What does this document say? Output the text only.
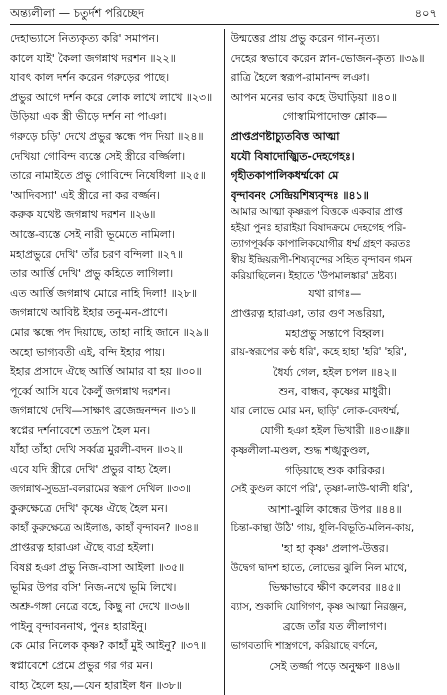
অন্ত্যলীলা — চতুর্দশ পরিচ্ছেদ	৪০৭
দেহাভ্যাসে নিত্যকৃত্য করি' সমাপন।
কালে যাই' কৈলা জগন্নাথ দরশন ॥২২॥
যাবৎ কাল দর্শন করেন গরুড়ের পাছে।
প্রভুর আগে দর্শন করে লোক লাখে লাখে ॥২৩॥
উড়িয়া এক স্ত্রী ভীড়ে দর্শন না পাঞা।
গরুড়ে চড়ি' দেখে প্রভুর স্কন্ধে পদ দিয়া ॥২৪॥
দেখিয়া গোবিন্দ ব্যস্তে সেই স্ত্রীরে বর্জ্জিলা।
তারে নামাইতে প্রভু গোবিন্দে নিষেধিলা ॥২৫॥
'আদিবস্যা' এই স্ত্রীরে না কর বর্জ্জন।
করুক যথেষ্ট জগন্নাথ দরশন ॥২৬॥
আস্তে-ব্যস্তে সেই নারী ভূমেতে নামিলা।
মহাপ্রভুরে দেখি' তাঁর চরণ বন্দিলা ॥২৭॥
তার আর্ত্তি দেখি' প্রভু কহিতে লাগিলা।
এত আর্ত্তি জগন্নাথ মোরে নাহি দিলা! ॥২৮॥
জগন্নাথে আবিষ্ট ইহার তনু-মন-প্রাণে।
মোর স্কন্ধে পদ দিয়াছে, তাহা নাহি জানে ॥২৯॥
অহো ভাগ্যবতী এই, বন্দি ইহার পায়।
ইহার প্রসাদে ঐছে আর্ত্তি আমার বা হয় ॥৩০॥
পূর্ব্বে আসি যবে কৈলুঁ জগন্নাথ দরশন।
জগন্নাথে দেখি—সাক্ষাৎ ব্রজেন্দ্রনন্দন ॥৩১॥
স্বপ্নের দর্শনাবেশে তদ্রূপ হৈল মন।
যাঁহা তাঁহা দেখি সর্ব্বত্র মুরলী-বদন ॥৩২॥
এবে যদি স্ত্রীরে দেখি' প্রভুর বাহ্য হৈল।
জগন্নাথ-সুভদ্রা-বলরামের স্বরূপ দেখিল ॥৩৩॥
কুরুক্ষেত্রে দেখি' কৃষ্ণে ঐছে হৈল মন।
কাহাঁ কুরুক্ষেত্রে আইলাঙ, কাহাঁ বৃন্দাবন? ॥৩৪॥
প্রাপ্তরত্ন হারাঞা ঐছে ব্যগ্র হইলা।
বিষণ্ণ হঞা প্রভু নিজ-বাসা আইলা ॥৩৫॥
ভূমির উপর বসি' নিজ-নখে ভূমি লিখে।
অশ্রু-গঙ্গা নেত্রে বহে, কিছু না দেখে ॥৩৬॥
পাইনু বৃন্দাবননাথ, পুনঃ হারাইনু।
কে মোর নিলেক কৃষ্ণ? কাহাঁ মুই আইনু? ॥৩৭॥
স্বপ্নাবেশে প্রেমে প্রভুর গর গর মন।
বাহ্য হৈলে হয়,—যেন হারাইল ধন ॥৩৮॥
উন্মত্তের প্রায় প্রভু করেন গান-নৃত্য।
দেহের স্বভাবে করেন স্নান-ভোজন-কৃত্য ॥৩৯॥
রাত্রি হৈলে স্বরূপ-রামানন্দ লঞা।
আপন মনের ভাব কহে উঘাড়িয়া ॥৪০॥
গোস্বামিপাদোক্ত শ্লোক—
প্রাপ্তপ্রণষ্টাচ্যুতবিত্ত আত্মা
যযৌ বিষাদোজ্ঝিত-দেহগেহঃ।
গৃহীতকাপালিকধর্ম্মকো মে
বৃন্দাবনং সেন্দ্রিয়শিষ্যবৃন্দঃ ॥৪১॥
আমার আত্মা কৃষ্ণরূপ বিত্তকে একবার প্রাপ্ত
হইয়া পুনঃ হারাইয়া বিষাদক্রমে দেহগেহ পরি-
ত্যাগপূর্ব্বক কাপালিকযোগীর ধর্ম্ম গ্রহণ করতঃ
স্বীয় ইন্দ্রিয়রূপী-শিষ্যবৃন্দের সহিত বৃন্দাবন গমন
করিয়াছিলেন। ইহাতে 'উপমালঙ্কার' দ্রষ্টব্য।
যথা রাগঃ—
প্রাপ্তরত্ন হারাঞা, তার গুণ সঙরিয়া,
মহাপ্রভু সন্তাপে বিহ্বল।
রায়-স্বরূপের কণ্ঠ ধরি', কহে হাহা 'হরি' 'হরি',
ধৈর্য্য গেল, হইল চপল ॥৪২॥
শুন, বান্ধব, কৃষ্ণের মাধুরী।
যার লোভে মোর মন, ছাড়ি' লোক-বেদধর্ম্ম,
যোগী হঞা হইল ভিখারী ॥৪৩॥ধ্রু॥
কৃষ্ণলীলা-মণ্ডল, শুদ্ধ শঙ্খকুণ্ডল,
গড়িয়াছে শুক কারিকর।
সেই কুণ্ডল কাণে পরি', তৃষ্ণা-লাউ-থালী ধরি',
আশা-ঝুলি কান্ধের উপর ॥৪৪॥
চিন্তা-কান্থা উঠি' গায়, ধূলি-বিভূতি-মলিন-কায়,
'হা হা কৃষ্ণ' প্রলাপ-উত্তর।
উদ্বেগ দ্বাদশ হাতে, লোভের ঝুলি নিল মাথে,
ভিক্ষাভাবে ক্ষীণ কলেবর ॥৪৫॥
ব্যাস, শুকাদি যোগিগণ, কৃষ্ণ আত্মা নিরঞ্জন,
ব্রজে তাঁর যত লীলাগণ।
ভাগবতাদি শাস্ত্রগণে, করিয়াছে বর্ণনে,
সেই তর্জ্জা পড়ে অনুক্ষণ ॥৪৬॥
